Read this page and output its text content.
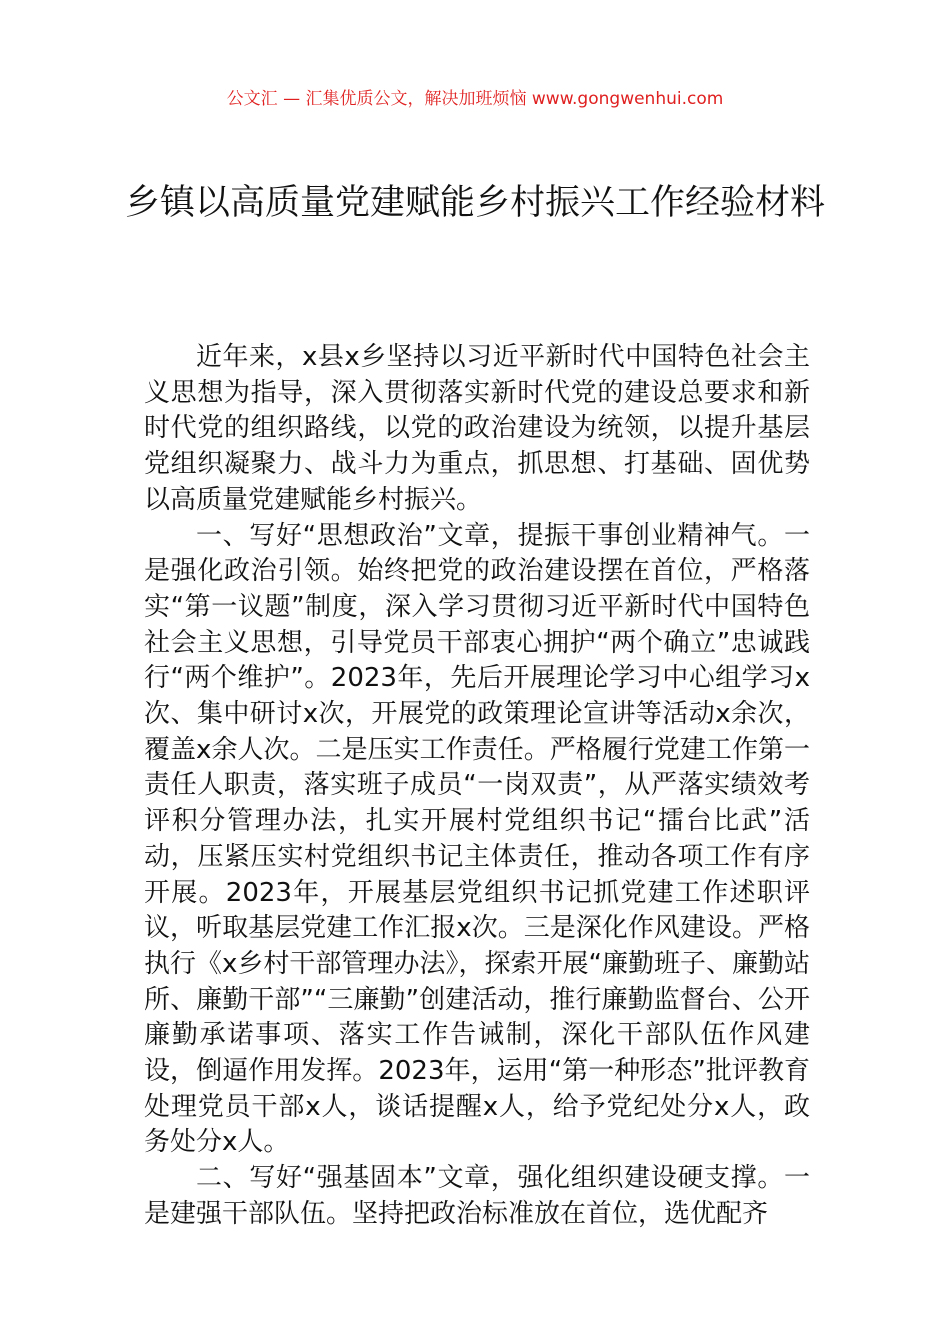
公文汇 — 汇集优质公文，解决加班烦恼 www.gongwenhui.com
乡镇以高质量党建赋能乡村振兴工作经验材料

近年来，x县x乡坚持以习近平新时代中国特色社会主义思想为指导，深入贯彻落实新时代党的建设总要求和新时代党的组织路线，以党的政治建设为统领，以提升基层党组织凝聚力、战斗力为重点，抓思想、打基础、固优势以高质量党建赋能乡村振兴。

一、写好“思想政治”文章，提振干事创业精神气。一是强化政治引领。始终把党的政治建设摆在首位，严格落实“第一议题”制度，深入学习贯彻习近平新时代中国特色社会主义思想，引导党员干部衷心拥护“两个确立”忠诚践行“两个维护”。2023年，先后开展理论学习中心组学习x次、集中研讨x次，开展党的政策理论宣讲等活动x余次，覆盖x余人次。二是压实工作责任。严格履行党建工作第一责任人职责，落实班子成员“一岗双责”，从严落实绩效考评积分管理办法，扎实开展村党组织书记“擂台比武”活动，压紧压实村党组织书记主体责任，推动各项工作有序开展。2023年，开展基层党组织书记抓党建工作述职评议，听取基层党建工作汇报x次。三是深化作风建设。严格执行《x乡村干部管理办法》，探索开展“廉勤班子、廉勤站所、廉勤干部”“三廉勤”创建活动，推行廉勤监督台、公开廉勤承诺事项、落实工作告诫制，深化干部队伍作风建设，倒逼作用发挥。2023年，运用“第一种形态”批评教育处理党员干部x人，谈话提醒x人，给予党纪处分x人，政务处分x人。

二、写好“强基固本”文章，强化组织建设硬支撑。一是建强干部队伍。坚持把政治标准放在首位，选优配齐
